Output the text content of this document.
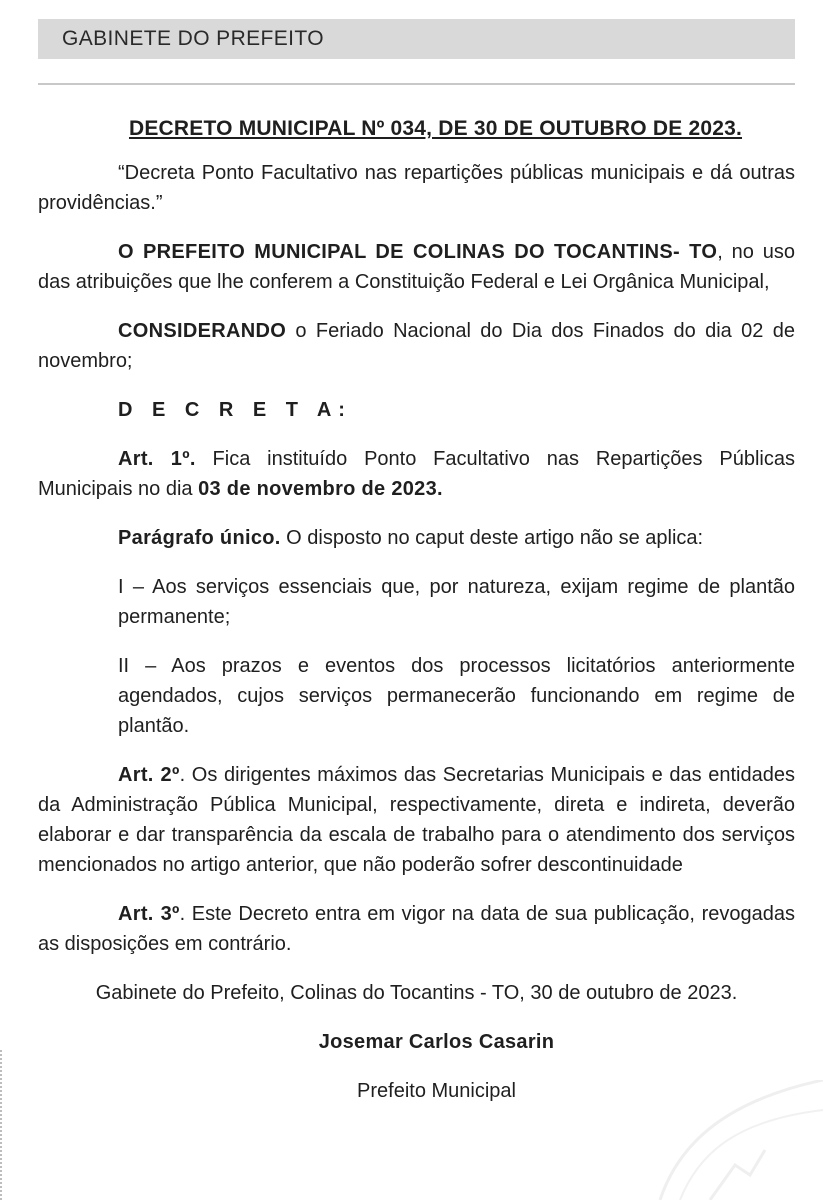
GABINETE DO PREFEITO
DECRETO MUNICIPAL Nº 034, DE 30 DE OUTUBRO DE 2023.

“Decreta Ponto Facultativo nas repartições públicas municipais e dá outras providências.”

O PREFEITO MUNICIPAL DE COLINAS DO TOCANTINS- TO, no uso das atribuições que lhe conferem a Constituição Federal e Lei Orgânica Municipal,

CONSIDERANDO o Feriado Nacional do Dia dos Finados do dia 02 de novembro;

D E C R E T A:

Art. 1º. Fica instituído Ponto Facultativo nas Repartições Públicas Municipais no dia 03 de novembro de 2023.

Parágrafo único. O disposto no caput deste artigo não se aplica:

I – Aos serviços essenciais que, por natureza, exijam regime de plantão permanente;

II – Aos prazos e eventos dos processos licitatórios anteriormente agendados, cujos serviços permanecerão funcionando em regime de plantão.

Art. 2º. Os dirigentes máximos das Secretarias Municipais e das entidades da Administração Pública Municipal, respectivamente, direta e indireta, deverão elaborar e dar transparência da escala de trabalho para o atendimento dos serviços mencionados no artigo anterior, que não poderão sofrer descontinuidade

Art. 3º. Este Decreto entra em vigor na data de sua publicação, revogadas as disposições em contrário.

Gabinete do Prefeito, Colinas do Tocantins - TO, 30 de outubro de 2023.

Josemar Carlos Casarin

Prefeito Municipal
